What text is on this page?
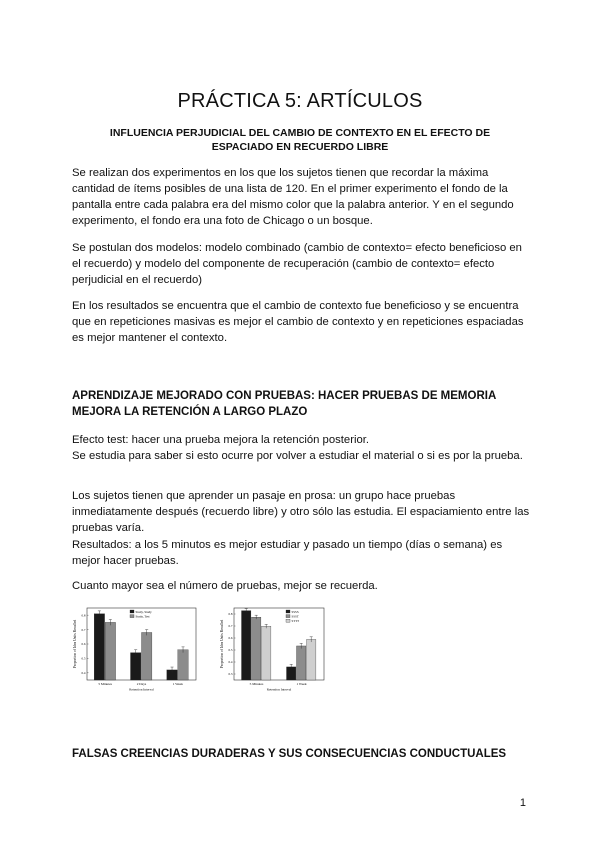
PRÁCTICA 5: ARTÍCULOS
INFLUENCIA PERJUDICIAL DEL CAMBIO DE CONTEXTO EN EL EFECTO DE ESPACIADO EN RECUERDO LIBRE

Se realizan dos experimentos en los que los sujetos tienen que recordar la máxima cantidad de ítems posibles de una lista de 120. En el primer experimento el fondo de la pantalla entre cada palabra era del mismo color que la palabra anterior. Y en el segundo experimento, el fondo era una foto de Chicago o un bosque.

Se postulan dos modelos: modelo combinado (cambio de contexto= efecto beneficioso en el recuerdo) y modelo del componente de recuperación (cambio de contexto= efecto perjudicial en el recuerdo)

En los resultados se encuentra que el cambio de contexto fue beneficioso y se encuentra que en repeticiones masivas es mejor el cambio de contexto y en repeticiones espaciadas es mejor mantener el contexto.

APRENDIZAJE MEJORADO CON PRUEBAS: HACER PRUEBAS DE MEMORIA MEJORA LA RETENCIÓN A LARGO PLAZO

Efecto test: hacer una prueba mejora la retención posterior.

Se estudia para saber si esto ocurre por volver a estudiar el material o si es por la prueba.

Los sujetos tienen que aprender un pasaje en prosa: un grupo hace pruebas inmediatamente después (recuerdo libre) y otro sólo las estudia. El espaciamiento entre las pruebas varía.

Resultados: a los 5 minutos es mejor estudiar y pasado un tiempo (días o semana) es mejor hacer pruebas.

Cuanto mayor sea el número de pruebas, mejor se recuerda.

Proportion of Idea Units Recalled
0.4
0.5
0.6
0.7
0.8
5 Minutes	2 Days	1 Week
Retention Interval
Study, Study
Study, Test
Proportion of Idea Units Recalled
0.3
0.4
0.5
0.6
0.7
0.8
5 Minutes	1 Week
Retention Interval
SSSS
SSST
STTT
FALSAS CREENCIAS DURADERAS Y SUS CONSECUENCIAS CONDUCTUALES
1
